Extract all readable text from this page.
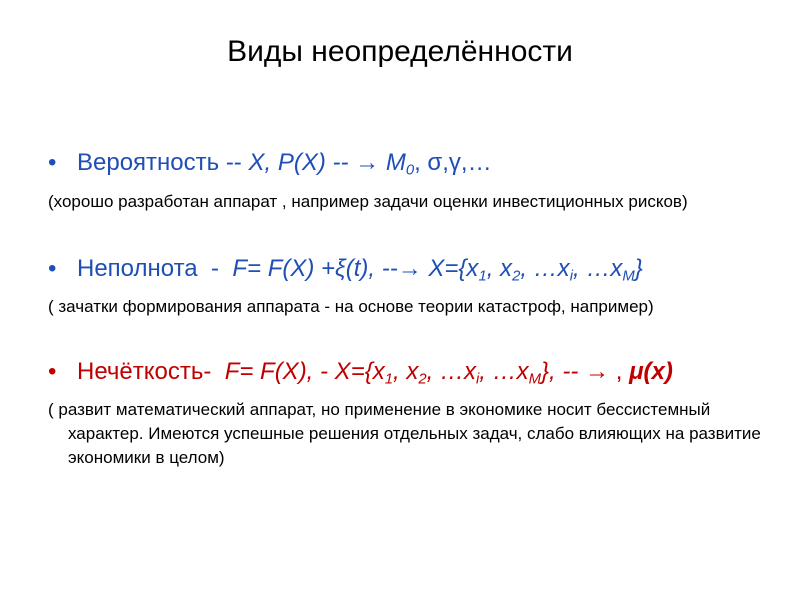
Виды неопределённости
• Вероятность -- X, P(X) -- → $M_0$, σ,γ,…
(хорошо разработан аппарат , например задачи оценки инвестиционных рисков)
• Неполнота - F= F(X) +ξ(t), --→ $X=\{x_1$, $x_2$, $\dots x_i$, $\dots x_M$}
( зачатки формирования аппарата - на основе теории катастроф, например)
• Нечёткость- F= F(X), - $X=\{x_1$, $x_2$, $\dots x_i$, $\dots x_M$}, -- → , μ(x)
( развит математический аппарат, но применение в экономике носит бессистемный характер. Имеются успешные решения отдельных задач, слабо влияющих на развитие экономики в целом)
